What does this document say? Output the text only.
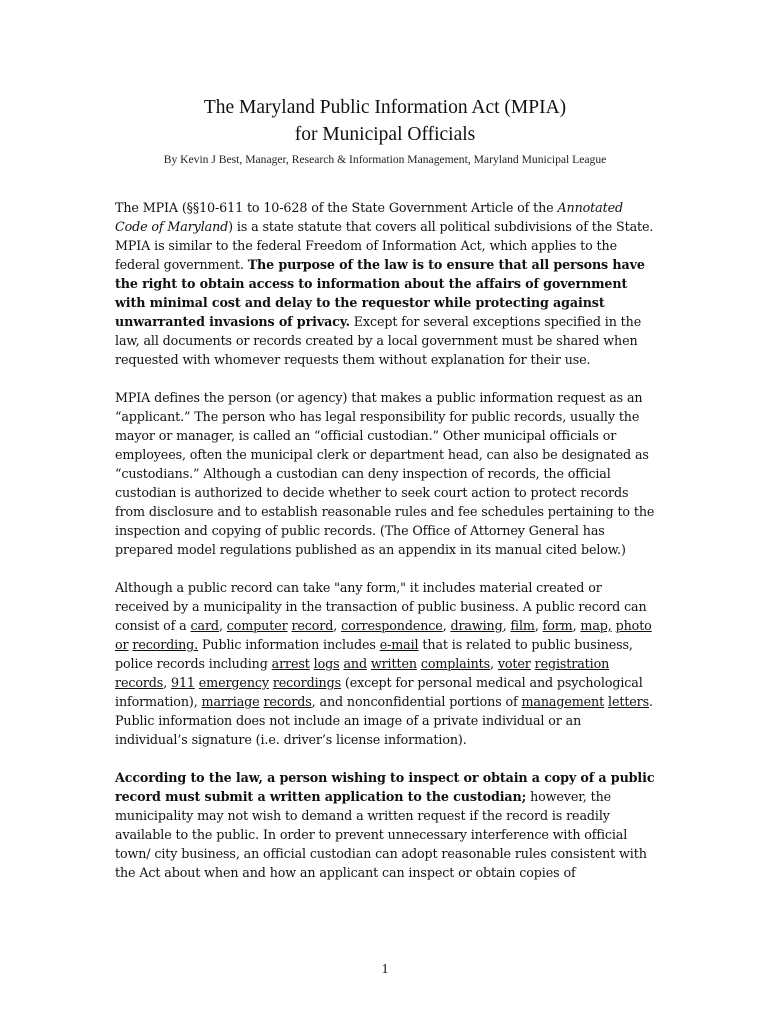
The Maryland Public Information Act (MPIA)
for Municipal Officials
By Kevin J Best, Manager, Research & Information Management, Maryland Municipal League

The MPIA (§§10-611 to 10-628 of the State Government Article of the Annotated Code of Maryland) is a state statute that covers all political subdivisions of the State. MPIA is similar to the federal Freedom of Information Act, which applies to the federal government. The purpose of the law is to ensure that all persons have the right to obtain access to information about the affairs of government with minimal cost and delay to the requestor while protecting against unwarranted invasions of privacy. Except for several exceptions specified in the law, all documents or records created by a local government must be shared when requested with whomever requests them without explanation for their use.

MPIA defines the person (or agency) that makes a public information request as an “applicant.” The person who has legal responsibility for public records, usually the mayor or manager, is called an “official custodian.” Other municipal officials or employees, often the municipal clerk or department head, can also be designated as “custodians.” Although a custodian can deny inspection of records, the official custodian is authorized to decide whether to seek court action to protect records from disclosure and to establish reasonable rules and fee schedules pertaining to the inspection and copying of public records. (The Office of Attorney General has prepared model regulations published as an appendix in its manual cited below.)

Although a public record can take "any form," it includes material created or received by a municipality in the transaction of public business. A public record can consist of a card, computer record, correspondence, drawing, film, form, map, photo or recording. Public information includes e-mail that is related to public business, police records including arrest logs and written complaints, voter registration records, 911 emergency recordings (except for personal medical and psychological information), marriage records, and nonconfidential portions of management letters. Public information does not include an image of a private individual or an individual’s signature (i.e. driver’s license information).

According to the law, a person wishing to inspect or obtain a copy of a public record must submit a written application to the custodian; however, the municipality may not wish to demand a written request if the record is readily available to the public. In order to prevent unnecessary interference with official town/ city business, an official custodian can adopt reasonable rules consistent with the Act about when and how an applicant can inspect or obtain copies of

1
